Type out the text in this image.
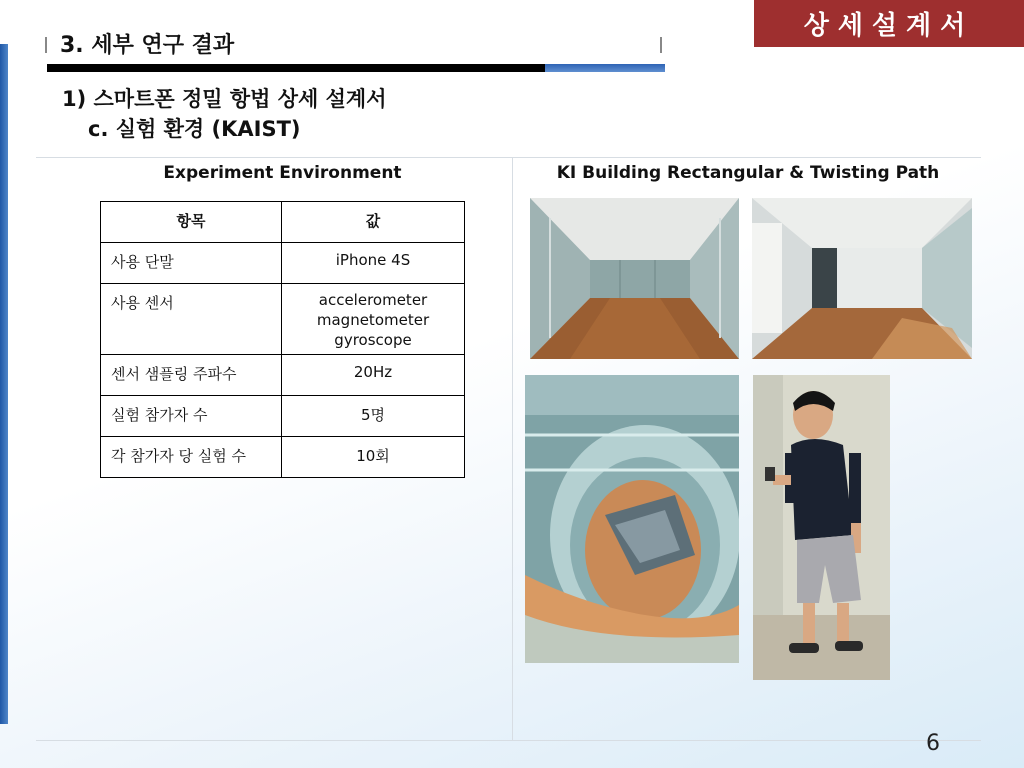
상세설계서
3. 세부 연구 결과
1) 스마트폰 정밀 항법 상세 설계서
c. 실험 환경 (KAIST)
Experiment Environment	KI Building Rectangular & Twisting Path
항목	값
사용 단말	iPhone 4S
사용 센서	accelerometer
magnetometer
gyroscope

센서 샘플링 주파수	20Hz
실험 참가자 수	5명
각 참가자 당 실험 수	10회
6
